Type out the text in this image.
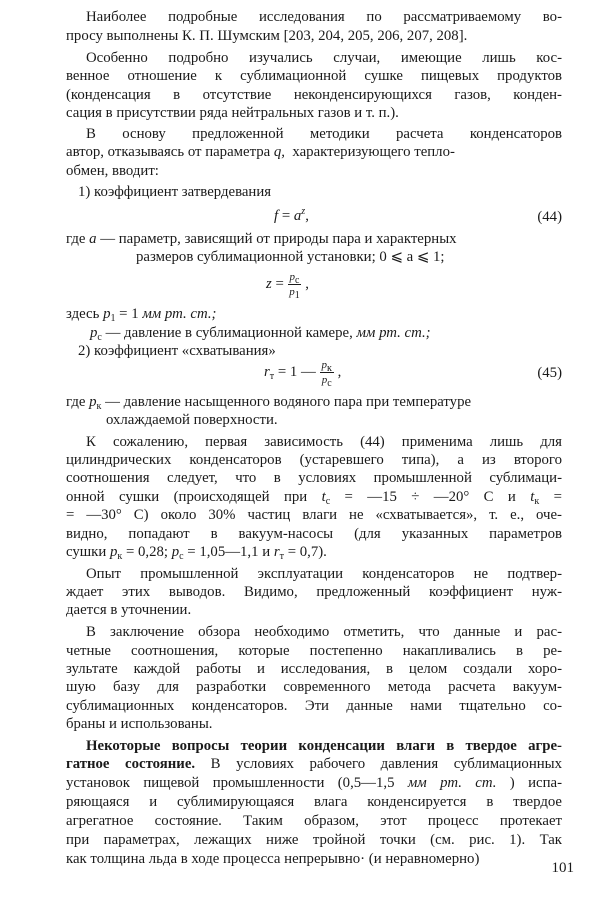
Наиболее подробные исследования по рассматриваемому во-
просу выполнены К. П. Шумским [203, 204, 205, 206, 207, 208].
Особенно подробно изучались случаи, имеющие лишь кос-
венное отношение к сублимационной сушке пищевых продуктов
(конденсация в отсутствие неконденсирующихся газов, конден-
сация в присутствии ряда нейтральных газов и т. п.).
В основу предложенной методики расчета конденсаторов
автор, отказываясь от параметра q, характеризующего тепло-
обмен, вводит:
1) коэффициент затвердевания
$f = a^z$,	(44)
где a — параметр, зависящий от природы пара и характерных
размеров сублимационной установки; 0 ⩽ a ⩽ 1;
$z = \frac{p_c}{p_1}$ ,
здесь $p_1 = 1$ мм рт. ст.;
$p_c$ — давление в сублимационной камере, мм рт. ст.;
2) коэффициент «схватывания»
$r_т = 1$ — $\frac{p_к}{p_c}$ ,	(45)
где $p_к$ — давление насыщенного водяного пара при температуре
охлаждаемой поверхности.
К сожалению, первая зависимость (44) применима лишь для
цилиндрических конденсаторов (устаревшего типа), а из второго
соотношения следует, что в условиях промышленной сублимаци-
онной сушки (происходящей при $t_c$ = —15 ÷ —20° С и $t_к$ =
= —30° С) около 30% частиц влаги не «схватывается», т. е., оче-
видно, попадают в вакуум-насосы (для указанных параметров
сушки $p_к = 0,28$; $p_c$ = 1,05—1,1 и $r_т = 0,7$).
Опыт промышленной эксплуатации конденсаторов не подтвер-
ждает этих выводов. Видимо, предложенный коэффициент нуж-
дается в уточнении.
В заключение обзора необходимо отметить, что данные и рас-
четные соотношения, которые постепенно накапливались в ре-
зультате каждой работы и исследования, в целом создали хоро-
шую базу для разработки современного метода расчета вакуум-
сублимационных конденсаторов. Эти данные нами тщательно со-
браны и использованы.
Некоторые вопросы теории конденсации влаги в твердое агре-
гатное состояние. В условиях рабочего давления сублимационных
установок пищевой промышленности (0,5—1,5 мм рт. ст. ) испа-
ряющаяся и сублимирующаяся влага конденсируется в твердое
агрегатное состояние. Таким образом, этот процесс протекает
при параметрах, лежащих ниже тройной точки (см. рис. 1). Так
как толщина льда в ходе процесса непрерывно· (и неравномерно)
101
